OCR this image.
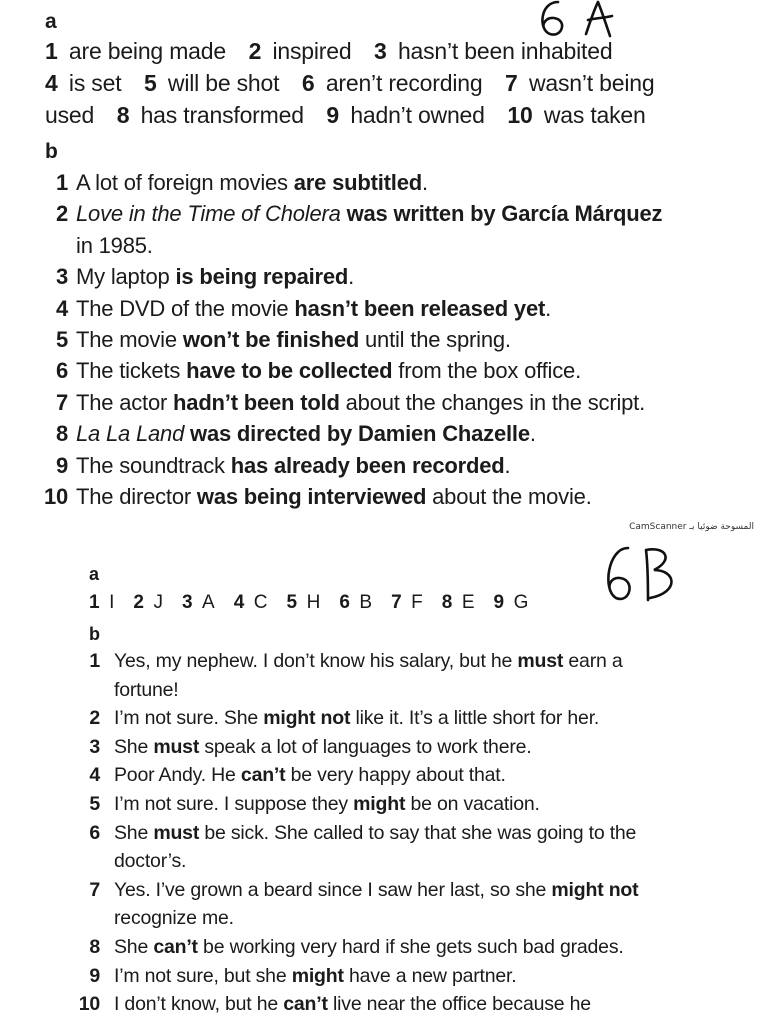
a
1  are being made   2  inspired   3  hasn’t been inhabited
4  is set   5  will be shot   6  aren’t recording   7  wasn’t being
used   8  has transformed   9  hadn’t owned   10  was taken
b
1 A lot of foreign movies are subtitled.
2 Love in the Time of Cholera was written by García Márquez
in 1985.
3 My laptop is being repaired.
4 The DVD of the movie hasn’t been released yet.
5 The movie won’t be finished until the spring.
6 The tickets have to be collected from the box office.
7 The actor hadn’t been told about the changes in the script.
8 La La Land was directed by Damien Chazelle.
9 The soundtrack has already been recorded.
10 The director was being interviewed about the movie.
المسوحة ضوئيا بـ CamScanner
a
1  I   2  J   3  A   4  C   5  H   6  B   7  F   8  E   9  G
b
1 Yes, my nephew. I don’t know his salary, but he must earn a
fortune!
2 I’m not sure. She might not like it. It’s a little short for her.
3 She must speak a lot of languages to work there.
4 Poor Andy. He can’t be very happy about that.
5 I’m not sure. I suppose they might be on vacation.
6 She must be sick. She called to say that she was going to the
doctor’s.
7 Yes. I’ve grown a beard since I saw her last, so she might not
recognize me.
8 She can’t be working very hard if she gets such bad grades.
9 I’m not sure, but she might have a new partner.
10 I don’t know, but he can’t live near the office because he
